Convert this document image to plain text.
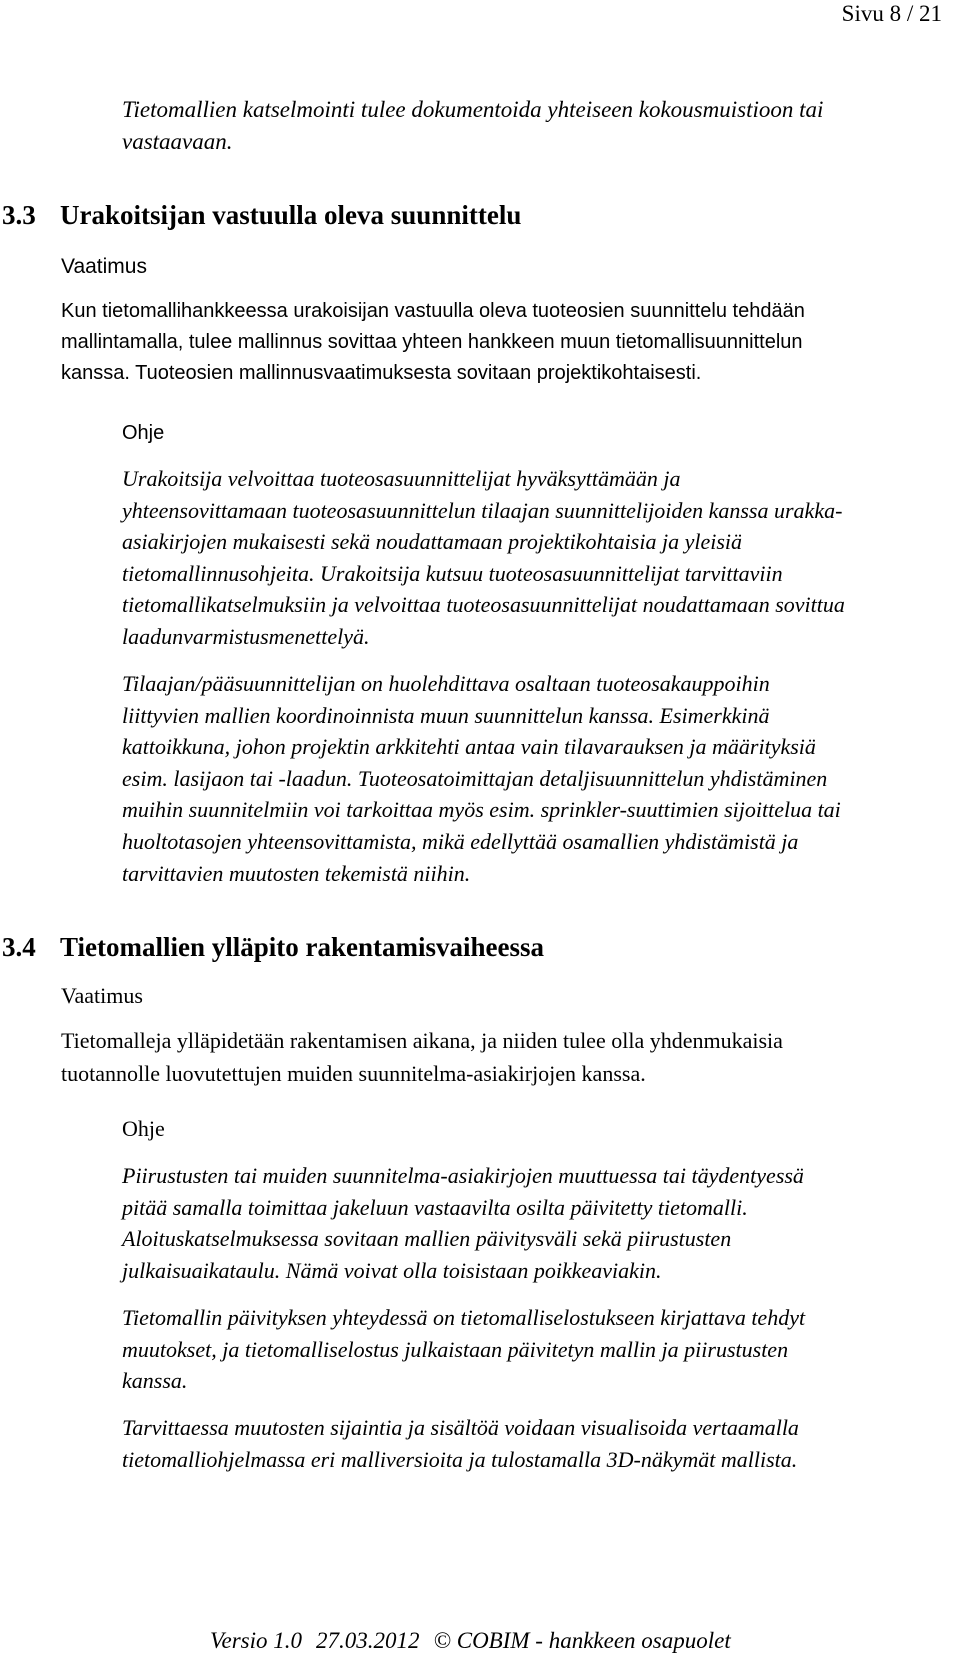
Sivu 8 / 21
Tietomallien katselmointi tulee dokumentoida yhteiseen kokousmuistioon tai
vastaavaan.
3.3 Urakoitsijan vastuulla oleva suunnittelu
Vaatimus
Kun tietomallihankkeessa urakoisijan vastuulla oleva tuoteosien suunnittelu tehdään
mallintamalla, tulee mallinnus sovittaa yhteen hankkeen muun tietomallisuunnittelun
kanssa. Tuoteosien mallinnusvaatimuksesta sovitaan projektikohtaisesti.
Ohje
Urakoitsija velvoittaa tuoteosasuunnittelijat hyväksyttämään ja
yhteensovittamaan tuoteosasuunnittelun tilaajan suunnittelijoiden kanssa urakka-
asiakirjojen mukaisesti sekä noudattamaan projektikohtaisia ja yleisiä
tietomallinnusohjeita. Urakoitsija kutsuu tuoteosasuunnittelijat tarvittaviin
tietomallikatselmuksiin ja velvoittaa tuoteosasuunnittelijat noudattamaan sovittua
laadunvarmistusmenettelyä.
Tilaajan/pääsuunnittelijan on huolehdittava osaltaan tuoteosakauppoihin
liittyvien mallien koordinoinnista muun suunnittelun kanssa. Esimerkkinä
kattoikkuna, johon projektin arkkitehti antaa vain tilavarauksen ja määrityksiä
esim. lasijaon tai -laadun. Tuoteosatoimittajan detaljisuunnittelun yhdistäminen
muihin suunnitelmiin voi tarkoittaa myös esim. sprinkler-suuttimien sijoittelua tai
huoltotasojen yhteensovittamista, mikä edellyttää osamallien yhdistämistä ja
tarvittavien muutosten tekemistä niihin.
3.4 Tietomallien ylläpito rakentamisvaiheessa
Vaatimus
Tietomalleja ylläpidetään rakentamisen aikana, ja niiden tulee olla yhdenmukaisia
tuotannolle luovutettujen muiden suunnitelma-asiakirjojen kanssa.
Ohje
Piirustusten tai muiden suunnitelma-asiakirjojen muuttuessa tai täydentyessä
pitää samalla toimittaa jakeluun vastaavilta osilta päivitetty tietomalli.
Aloituskatselmuksessa sovitaan mallien päivitysväli sekä piirustusten
julkaisuaikataulu. Nämä voivat olla toisistaan poikkeaviakin.
Tietomallin päivityksen yhteydessä on tietomalliselostukseen kirjattava tehdyt
muutokset, ja tietomalliselostus julkaistaan päivitetyn mallin ja piirustusten
kanssa.
Tarvittaessa muutosten sijaintia ja sisältöä voidaan visualisoida vertaamalla
tietomalliohjelmassa eri malliversioita ja tulostamalla 3D-näkymät mallista.
Versio 1.0 27.03.2012 © COBIM - hankkeen osapuolet
